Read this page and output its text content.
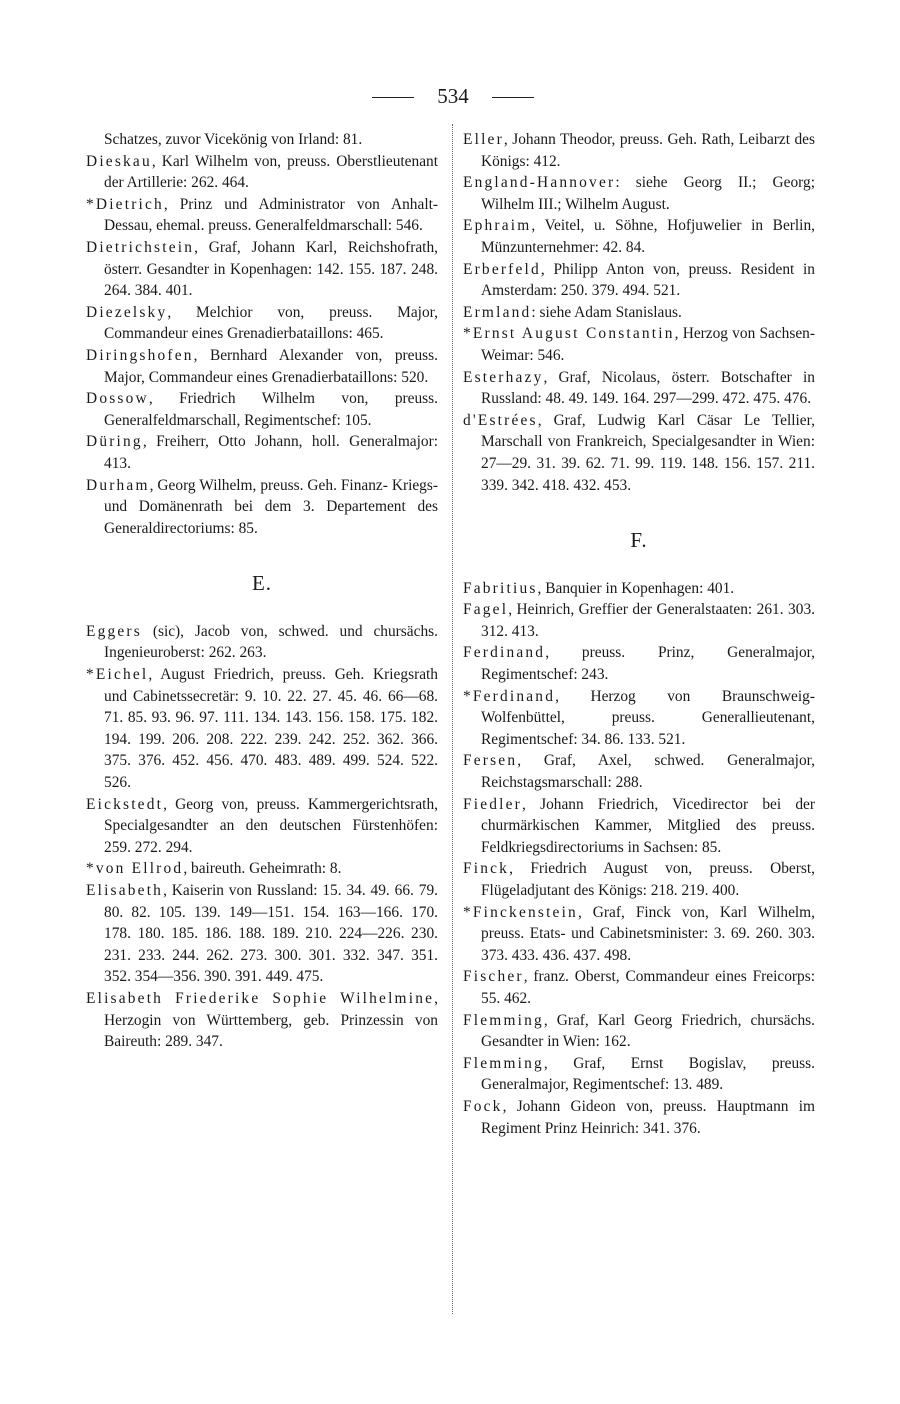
534

Schatzes, zuvor Vicekönig von Irland: 81.

Dieskau, Karl Wilhelm von, preuss. Oberstlieutenant der Artillerie: 262. 464.

*Dietrich, Prinz und Administrator von Anhalt-Dessau, ehemal. preuss. Generalfeldmarschall: 546.

Dietrichstein, Graf, Johann Karl, Reichshofrath, österr. Gesandter in Kopenhagen: 142. 155. 187. 248. 264. 384. 401.

Diezelsky, Melchior von, preuss. Major, Commandeur eines Grenadierbataillons: 465.

Diringshofen, Bernhard Alexander von, preuss. Major, Commandeur eines Grenadierbataillons: 520.

Dossow, Friedrich Wilhelm von, preuss. Generalfeldmarschall, Regimentschef: 105.

Düring, Freiherr, Otto Johann, holl. Generalmajor: 413.

Durham, Georg Wilhelm, preuss. Geh. Finanz- Kriegs- und Domänenrath bei dem 3. Departement des Generaldirectoriums: 85.

E.

Eggers (sic), Jacob von, schwed. und chursächs. Ingenieuroberst: 262. 263.

*Eichel, August Friedrich, preuss. Geh. Kriegsrath und Cabinetssecretär: 9. 10. 22. 27. 45. 46. 66—68. 71. 85. 93. 96. 97. 111. 134. 143. 156. 158. 175. 182. 194. 199. 206. 208. 222. 239. 242. 252. 362. 366. 375. 376. 452. 456. 470. 483. 489. 499. 524. 522. 526.

Eickstedt, Georg von, preuss. Kammergerichtsrath, Specialgesandter an den deutschen Fürstenhöfen: 259. 272. 294.

*von Ellrod, baireuth. Geheimrath: 8.

Elisabeth, Kaiserin von Russland: 15. 34. 49. 66. 79. 80. 82. 105. 139. 149—151. 154. 163—166. 170. 178. 180. 185. 186. 188. 189. 210. 224—226. 230. 231. 233. 244. 262. 273. 300. 301. 332. 347. 351. 352. 354—356. 390. 391. 449. 475.

Elisabeth Friederike Sophie Wilhelmine, Herzogin von Württemberg, geb. Prinzessin von Baireuth: 289. 347.

Eller, Johann Theodor, preuss. Geh. Rath, Leibarzt des Königs: 412.

England-Hannover: siehe Georg II.; Georg; Wilhelm III.; Wilhelm August.

Ephraim, Veitel, u. Söhne, Hofjuwelier in Berlin, Münzunternehmer: 42. 84.

Erberfeld, Philipp Anton von, preuss. Resident in Amsterdam: 250. 379. 494. 521.

Ermland: siehe Adam Stanislaus.

*Ernst August Constantin, Herzog von Sachsen-Weimar: 546.

Esterhazy, Graf, Nicolaus, österr. Botschafter in Russland: 48. 49. 149. 164. 297—299. 472. 475. 476.

d'Estrées, Graf, Ludwig Karl Cäsar Le Tellier, Marschall von Frankreich, Specialgesandter in Wien: 27—29. 31. 39. 62. 71. 99. 119. 148. 156. 157. 211. 339. 342. 418. 432. 453.

F.

Fabritius, Banquier in Kopenhagen: 401.

Fagel, Heinrich, Greffier der Generalstaaten: 261. 303. 312. 413.

Ferdinand, preuss. Prinz, Generalmajor, Regimentschef: 243.

*Ferdinand, Herzog von Braunschweig-Wolfenbüttel, preuss. Generallieutenant, Regimentschef: 34. 86. 133. 521.

Fersen, Graf, Axel, schwed. Generalmajor, Reichstagsmarschall: 288.

Fiedler, Johann Friedrich, Vicedirector bei der churmärkischen Kammer, Mitglied des preuss. Feldkriegsdirectoriums in Sachsen: 85.

Finck, Friedrich August von, preuss. Oberst, Flügeladjutant des Königs: 218. 219. 400.

*Finckenstein, Graf, Finck von, Karl Wilhelm, preuss. Etats- und Cabinetsminister: 3. 69. 260. 303. 373. 433. 436. 437. 498.

Fischer, franz. Oberst, Commandeur eines Freicorps: 55. 462.

Flemming, Graf, Karl Georg Friedrich, chursächs. Gesandter in Wien: 162.

Flemming, Graf, Ernst Bogislav, preuss. Generalmajor, Regimentschef: 13. 489.

Fock, Johann Gideon von, preuss. Hauptmann im Regiment Prinz Heinrich: 341. 376.
